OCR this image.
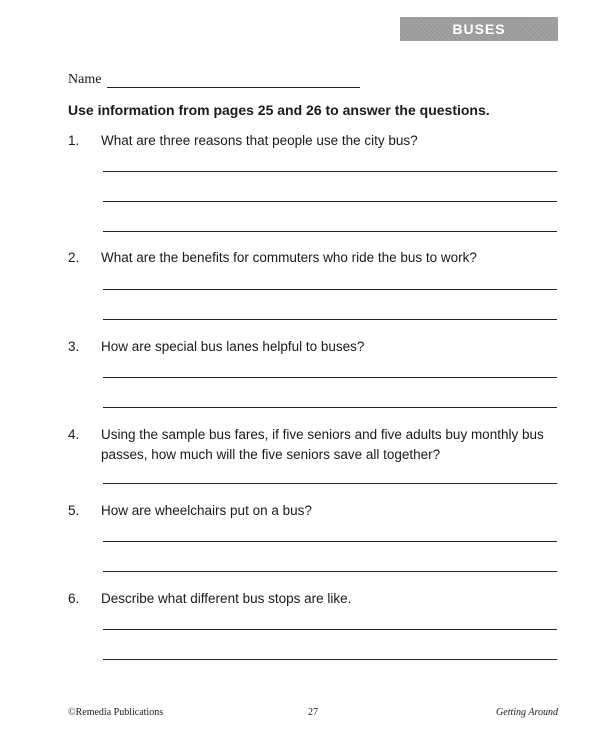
BUSES
Name
Use information from pages 25 and 26 to answer the questions.
1. What are three reasons that people use the city bus?
2. What are the benefits for commuters who ride the bus to work?
3. How are special bus lanes helpful to buses?
4. Using the sample bus fares, if five seniors and five adults buy monthly bus passes, how much will the five seniors save all together?
5. How are wheelchairs put on a bus?
6. Describe what different bus stops are like.
©Remedia Publications	27	Getting Around
